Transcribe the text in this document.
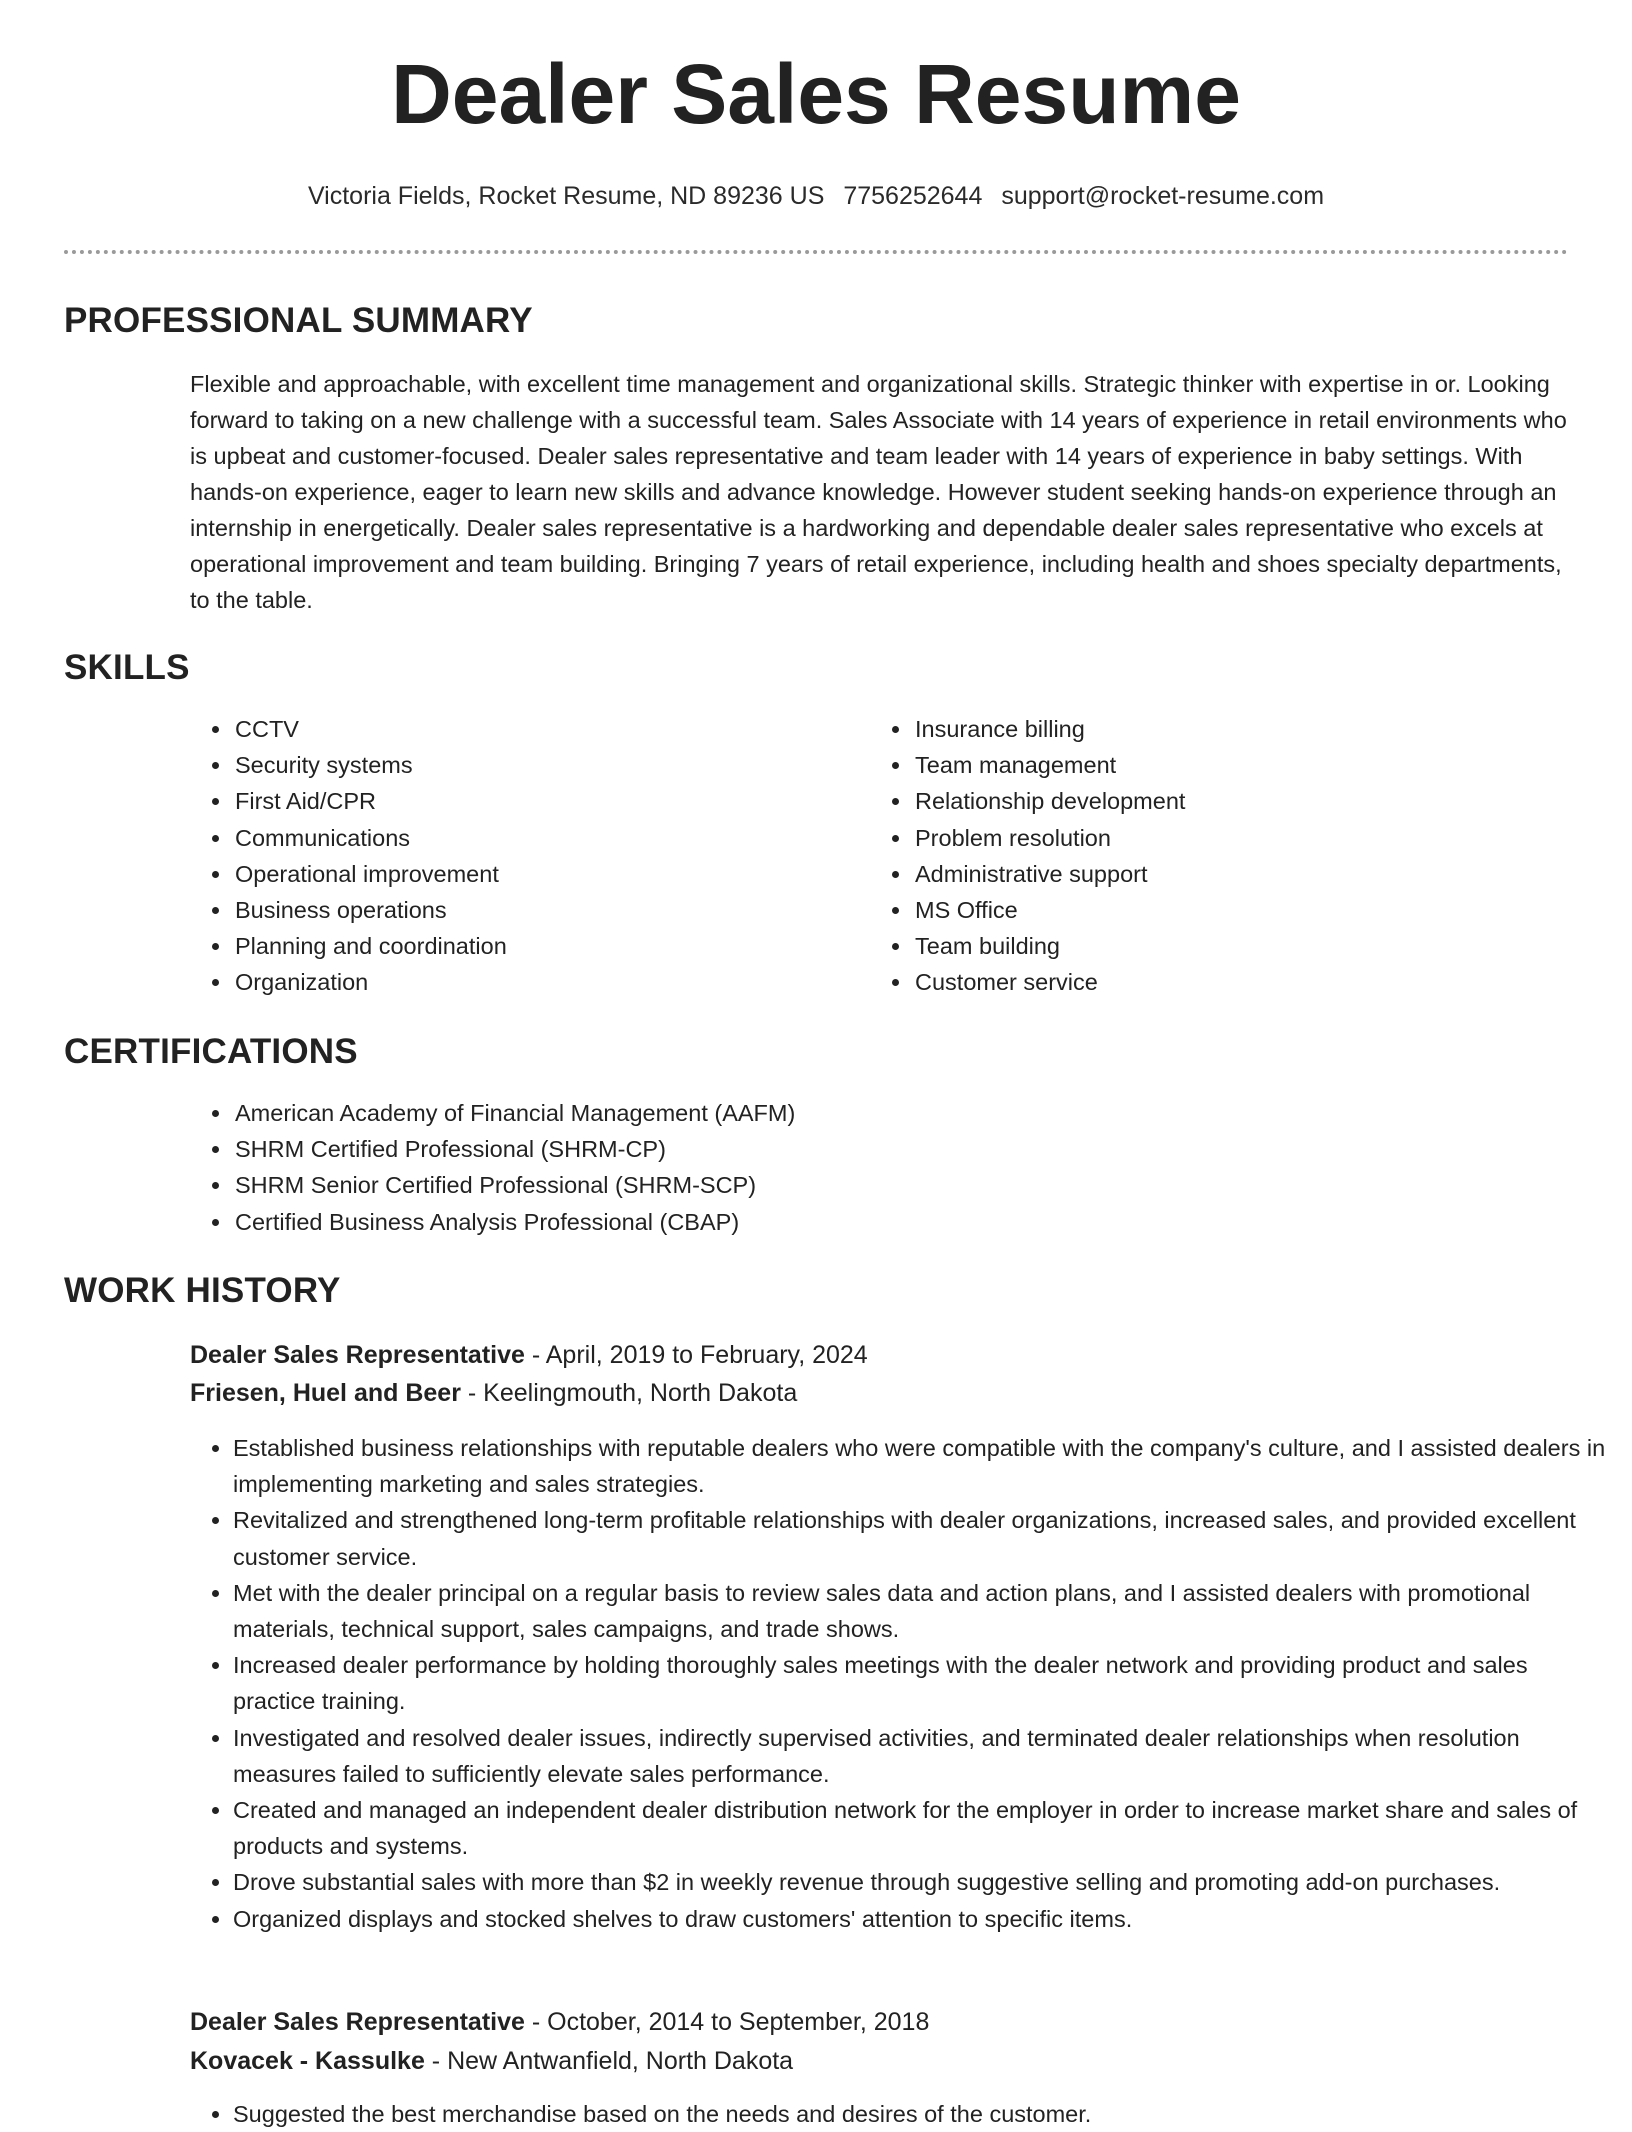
Dealer Sales Resume
Victoria Fields, Rocket Resume, ND 89236 US 7756252644 support@rocket-resume.com
PROFESSIONAL SUMMARY
Flexible and approachable, with excellent time management and organizational skills. Strategic thinker with expertise in or. Looking forward to taking on a new challenge with a successful team. Sales Associate with 14 years of experience in retail environments who is upbeat and customer-focused. Dealer sales representative and team leader with 14 years of experience in baby settings. With hands-on experience, eager to learn new skills and advance knowledge. However student seeking hands-on experience through an internship in energetically. Dealer sales representative is a hardworking and dependable dealer sales representative who excels at operational improvement and team building. Bringing 7 years of retail experience, including health and shoes specialty departments, to the table.
SKILLS
• CCTV
• Security systems
• First Aid/CPR
• Communications
• Operational improvement
• Business operations
• Planning and coordination
• Organization
• Insurance billing
• Team management
• Relationship development
• Problem resolution
• Administrative support
• MS Office
• Team building
• Customer service
CERTIFICATIONS
• American Academy of Financial Management (AAFM)
• SHRM Certified Professional (SHRM-CP)
• SHRM Senior Certified Professional (SHRM-SCP)
• Certified Business Analysis Professional (CBAP)
WORK HISTORY
Dealer Sales Representative - April, 2019 to February, 2024
Friesen, Huel and Beer - Keelingmouth, North Dakota
• Established business relationships with reputable dealers who were compatible with the company's culture, and I assisted dealers in implementing marketing and sales strategies.
• Revitalized and strengthened long-term profitable relationships with dealer organizations, increased sales, and provided excellent customer service.
• Met with the dealer principal on a regular basis to review sales data and action plans, and I assisted dealers with promotional materials, technical support, sales campaigns, and trade shows.
• Increased dealer performance by holding thoroughly sales meetings with the dealer network and providing product and sales practice training.
• Investigated and resolved dealer issues, indirectly supervised activities, and terminated dealer relationships when resolution measures failed to sufficiently elevate sales performance.
• Created and managed an independent dealer distribution network for the employer in order to increase market share and sales of products and systems.
• Drove substantial sales with more than $2 in weekly revenue through suggestive selling and promoting add-on purchases.
• Organized displays and stocked shelves to draw customers' attention to specific items.
Dealer Sales Representative - October, 2014 to September, 2018
Kovacek - Kassulke - New Antwanfield, North Dakota
• Suggested the best merchandise based on the needs and desires of the customer.
